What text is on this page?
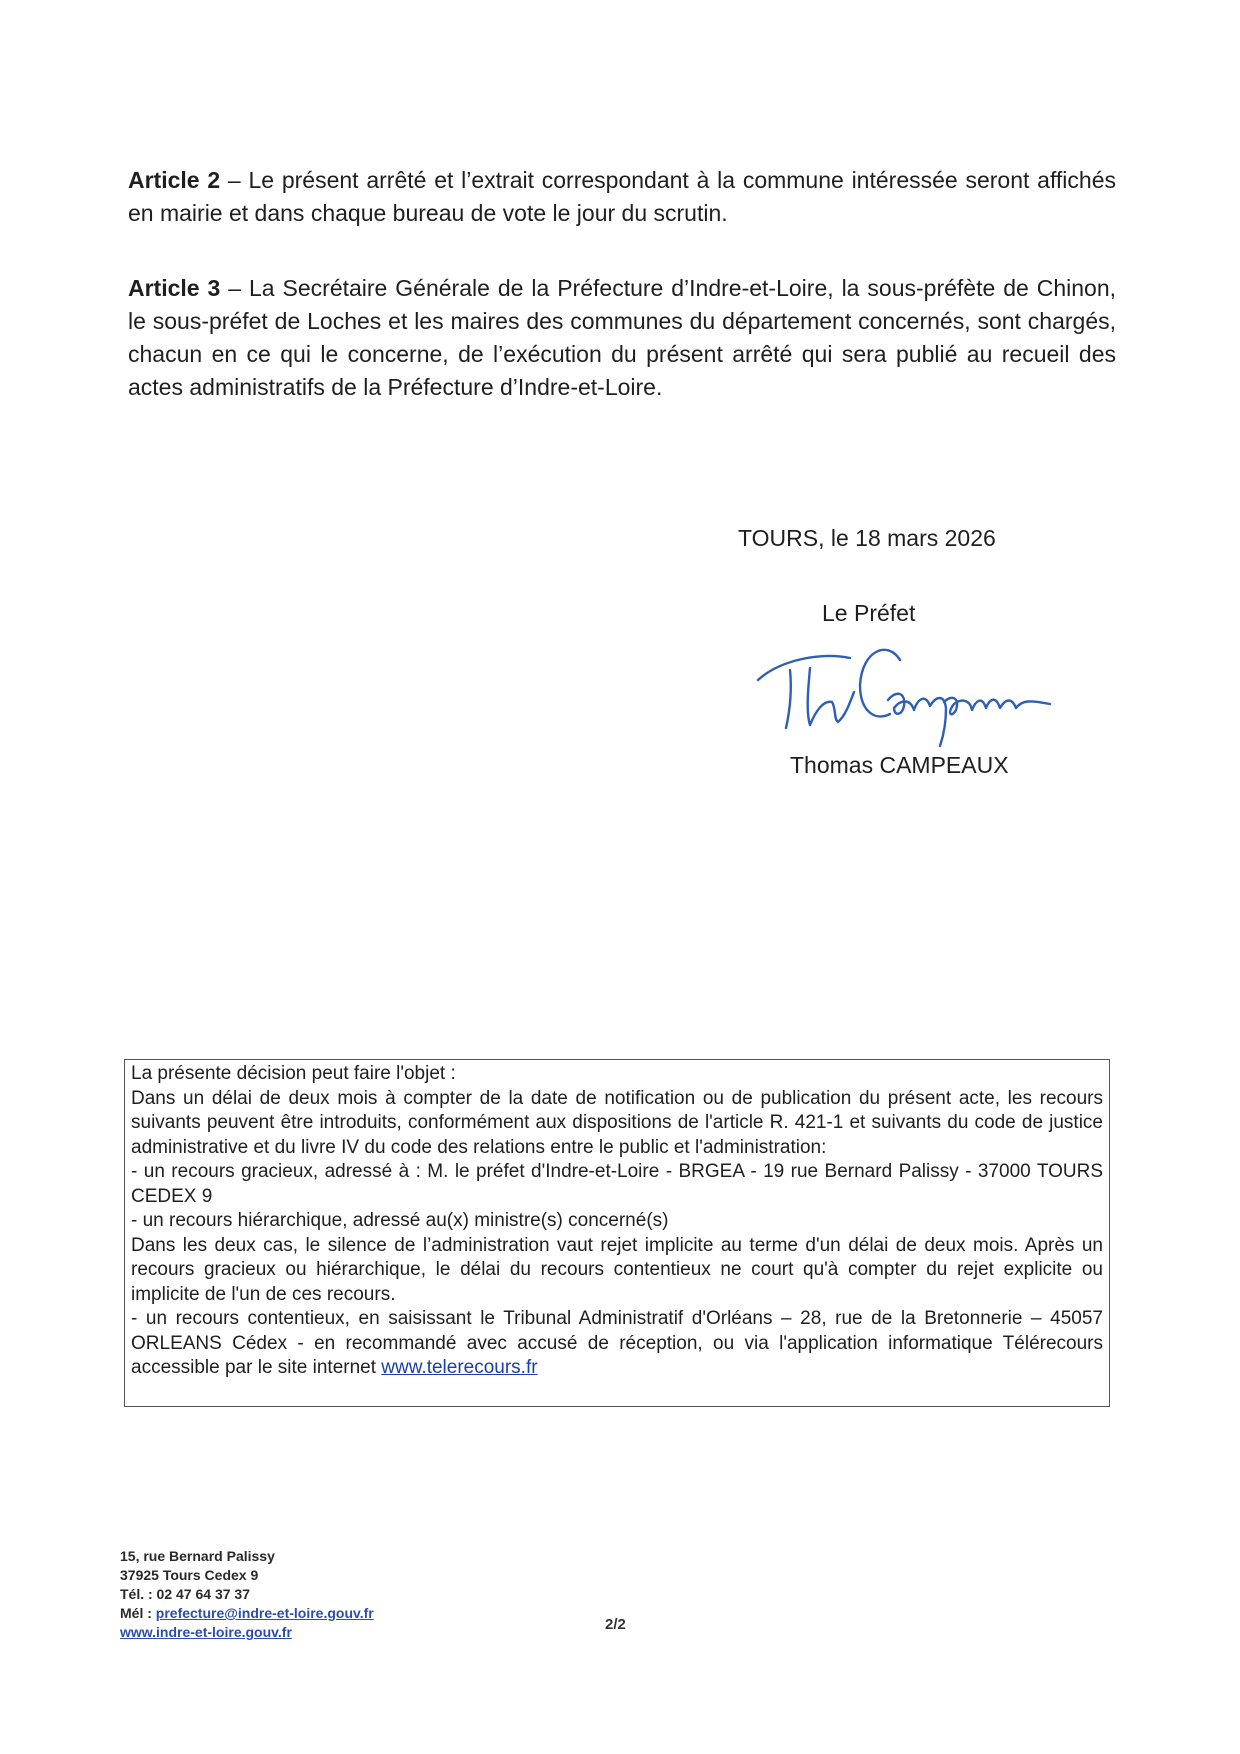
Article 2 – Le présent arrêté et l’extrait correspondant à la commune intéressée seront affichés en mairie et dans chaque bureau de vote le jour du scrutin.

Article 3 – La Secrétaire Générale de la Préfecture d’Indre-et-Loire, la sous-préfète de Chinon, le sous-préfet de Loches et les maires des communes du département concernés, sont chargés, chacun en ce qui le concerne, de l’exécution du présent arrêté qui sera publié au recueil des actes administratifs de la Préfecture d’Indre-et-Loire.

TOURS, le 18 mars 2026
Le Préfet
Thomas CAMPEAUX

La présente décision peut faire l'objet :

Dans un délai de deux mois à compter de la date de notification ou de publication du présent acte, les recours suivants peuvent être introduits, conformément aux dispositions de l'article R. 421-1 et suivants du code de justice administrative et du livre IV du code des relations entre le public et l'administration:

- un recours gracieux, adressé à : M. le préfet d'Indre-et-Loire - BRGEA - 19 rue Bernard Palissy - 37000 TOURS CEDEX 9

- un recours hiérarchique, adressé au(x) ministre(s) concerné(s)

Dans les deux cas, le silence de l’administration vaut rejet implicite au terme d'un délai de deux mois. Après un recours gracieux ou hiérarchique, le délai du recours contentieux ne court qu'à compter du rejet explicite ou implicite de l'un de ces recours.

- un recours contentieux, en saisissant le Tribunal Administratif d'Orléans – 28, rue de la Bretonnerie – 45057 ORLEANS Cédex - en recommandé avec accusé de réception, ou via l'application informatique Télérecours accessible par le site internet www.telerecours.fr

15, rue Bernard Palissy
37925 Tours Cedex 9
Tél. : 02 47 64 37 37
Mél : prefecture@indre-et-loire.gouv.fr
www.indre-et-loire.gouv.fr	2/2
